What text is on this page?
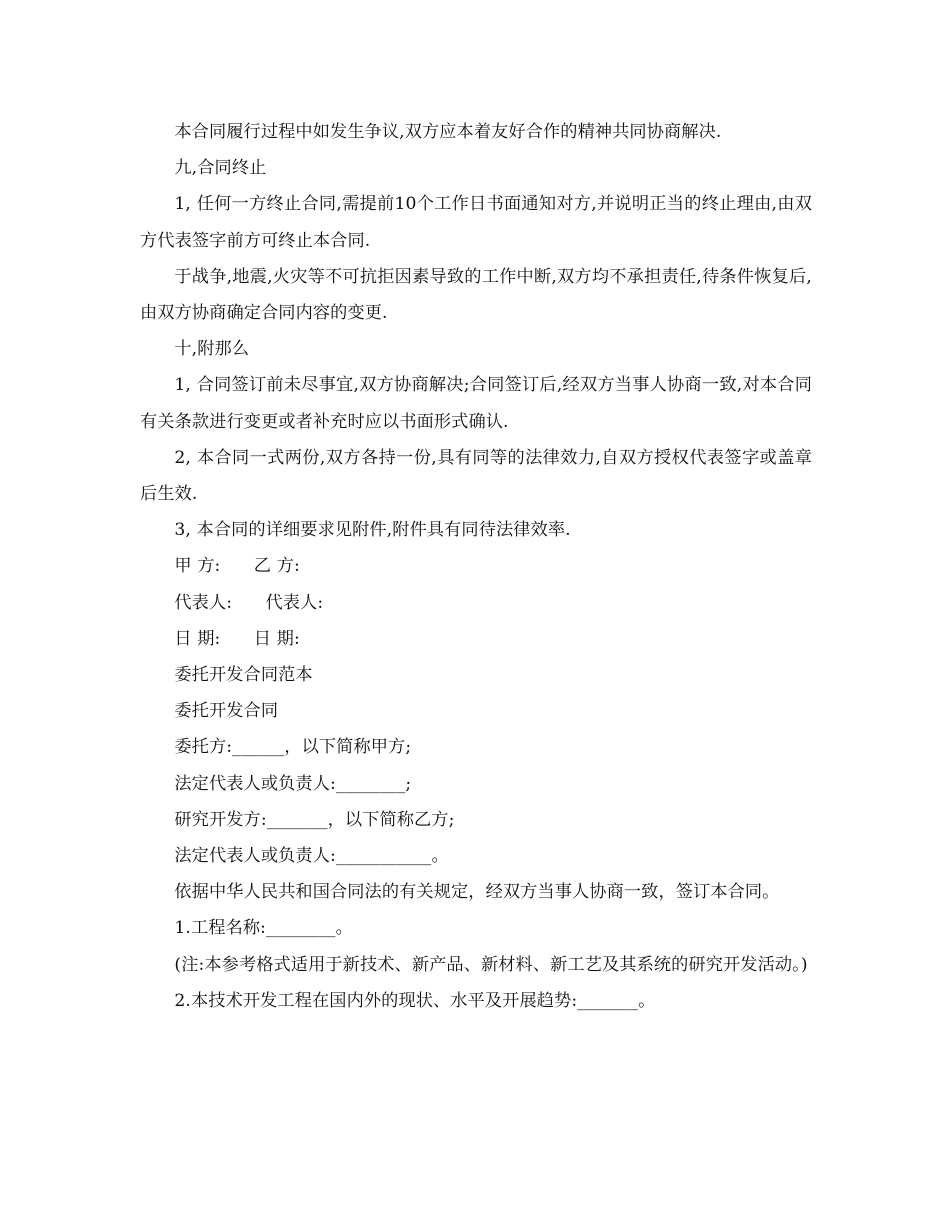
本合同履行过程中如发生争议,双方应本着友好合作的精神共同协商解决.

九,合同终止

1, 任何一方终止合同,需提前10个工作日书面通知对方,并说明正当的终止理由,由双方代表签字前方可终止本合同.

于战争,地震,火灾等不可抗拒因素导致的工作中断,双方均不承担责任,待条件恢复后,由双方协商确定合同内容的变更.

十,附那么

1, 合同签订前未尽事宜,双方协商解决;合同签订后,经双方当事人协商一致,对本合同有关条款进行变更或者补充时应以书面形式确认.

2, 本合同一式两份,双方各持一份,具有同等的法律效力,自双方授权代表签字或盖章后生效.

3, 本合同的详细要求见附件,附件具有同待法律效率.

甲 方:      乙 方:

代表人:      代表人:

日 期:      日 期:

委托开发合同范本

委托开发合同

委托方:______，以下简称甲方;

法定代表人或负责人:________;

研究开发方:_______，以下简称乙方;

法定代表人或负责人:___________。

依据中华人民共和国合同法的有关规定，经双方当事人协商一致，签订本合同。

1.工程名称:________。

(注:本参考格式适用于新技术、新产品、新材料、新工艺及其系统的研究开发活动。)

2.本技术开发工程在国内外的现状、水平及开展趋势:_______。
